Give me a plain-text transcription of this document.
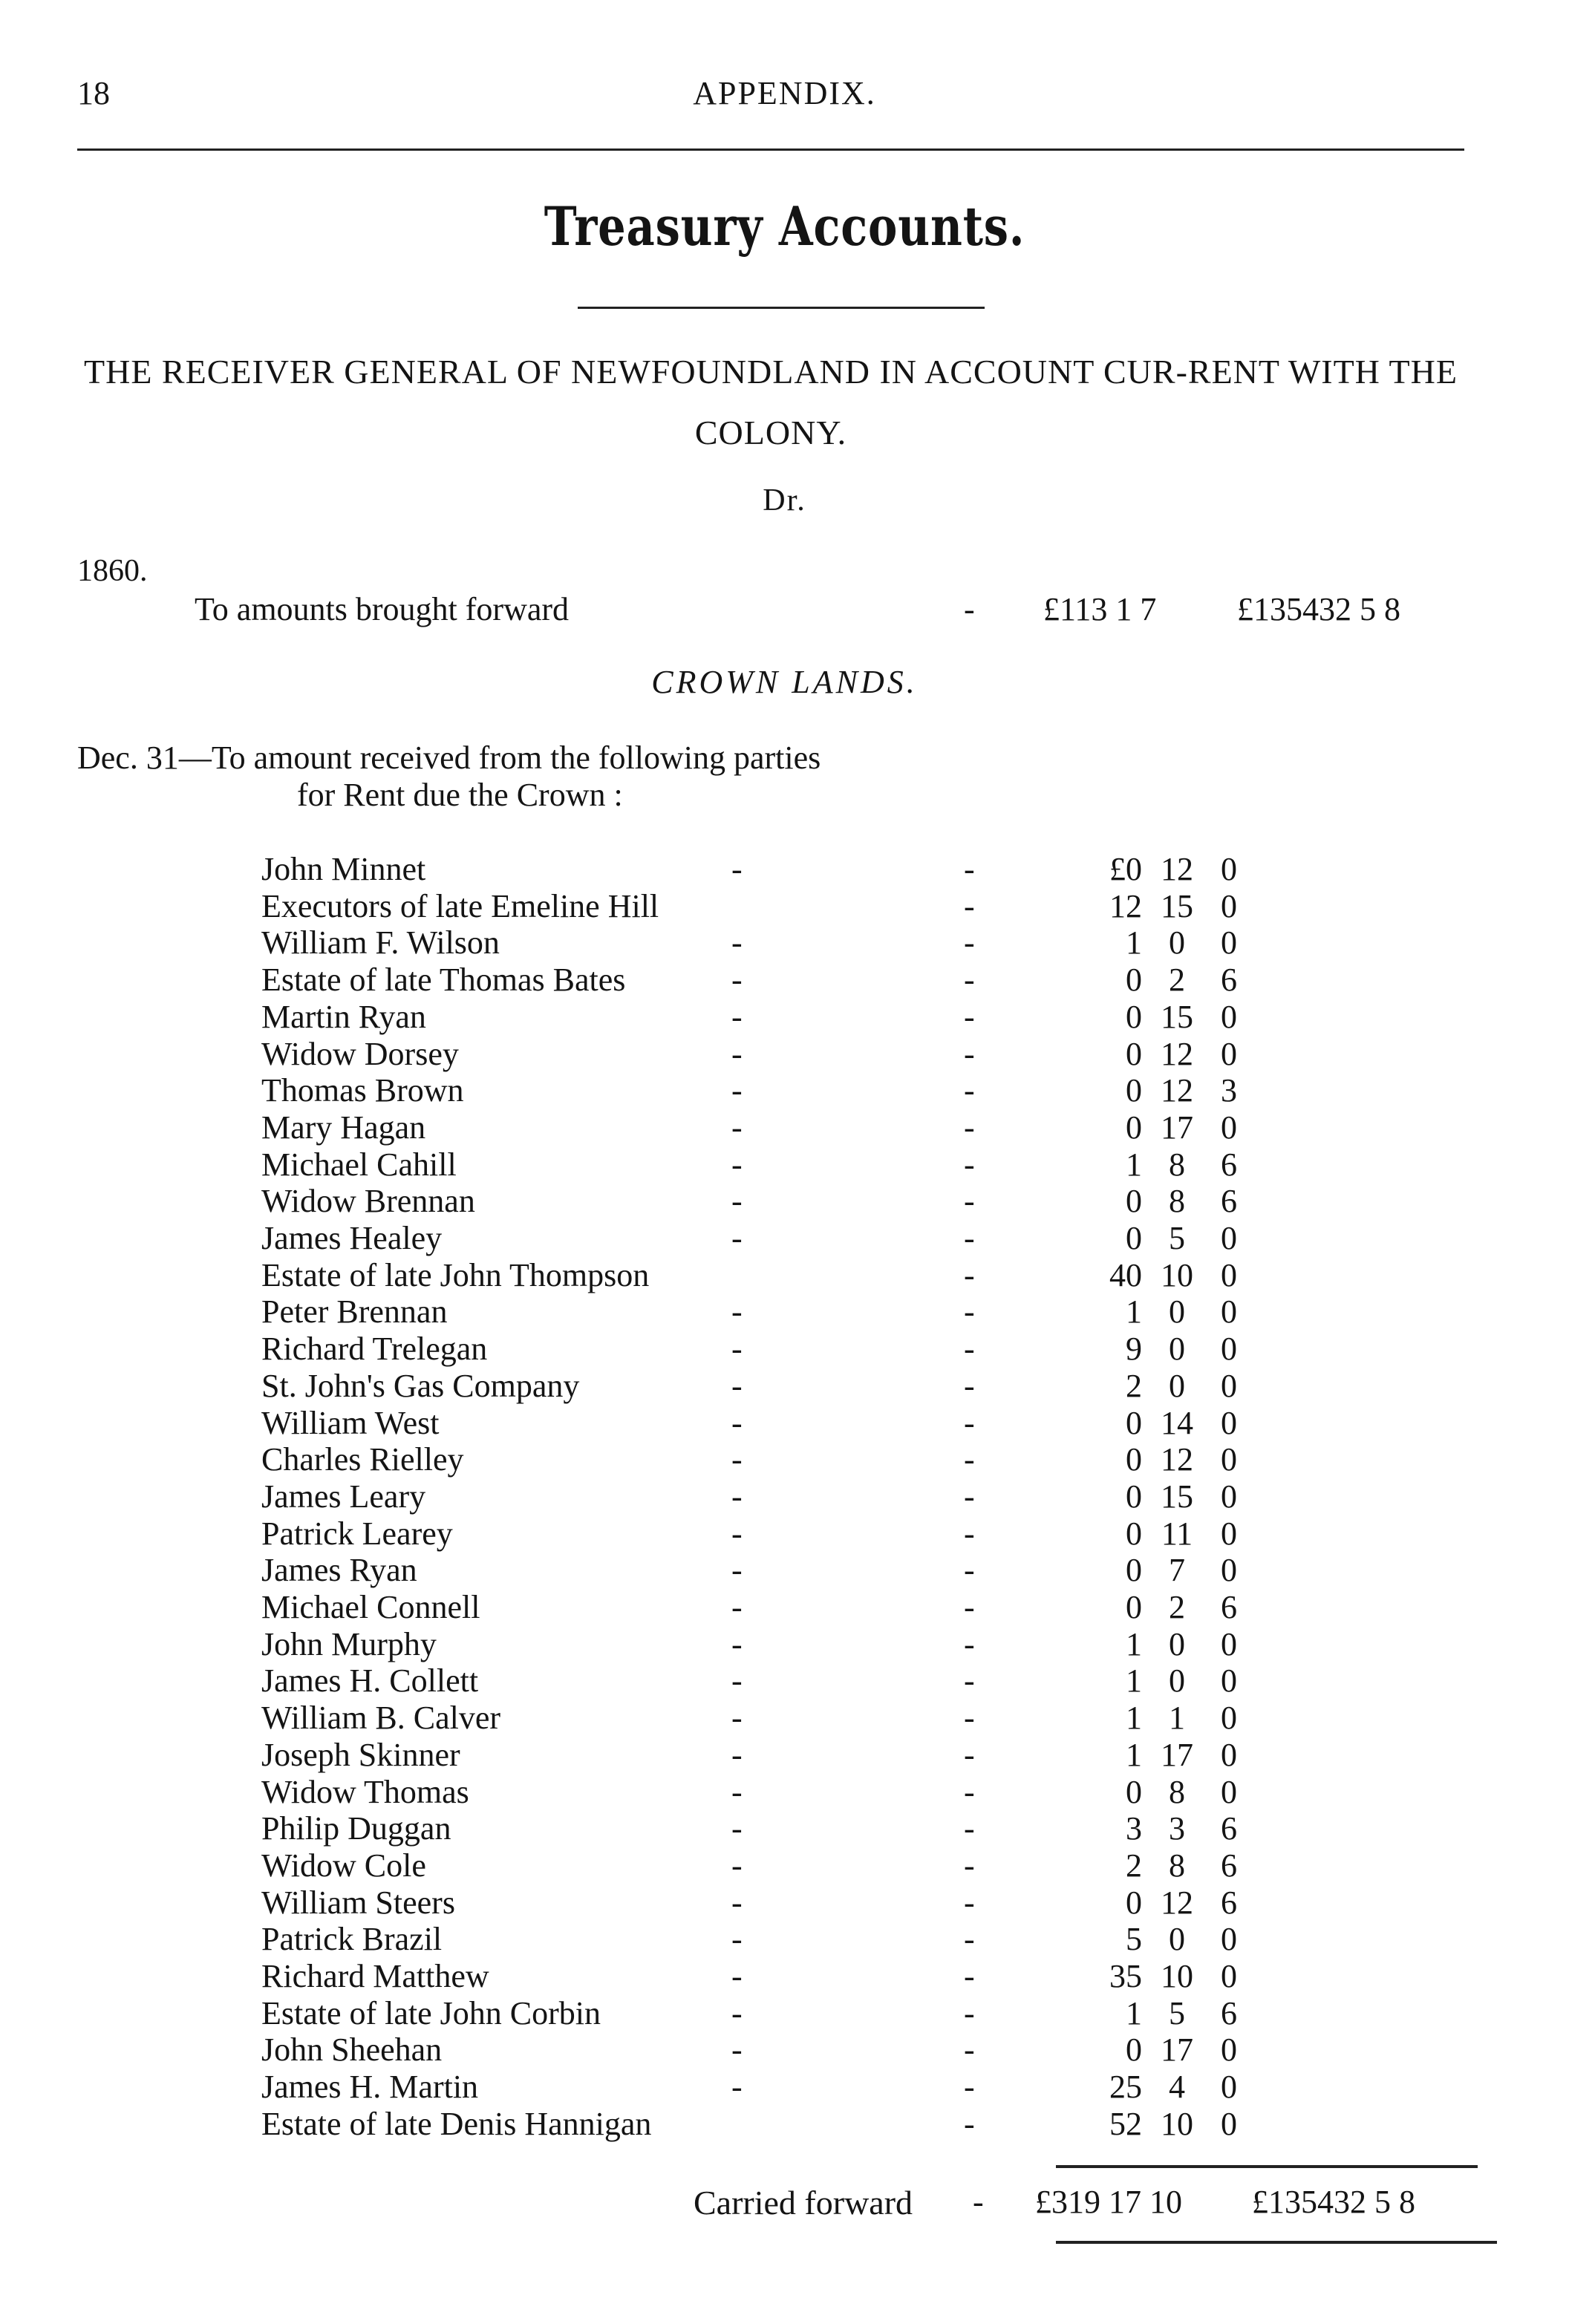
18	APPENDIX.
Treasury Accounts.
THE RECEIVER GENERAL OF NEWFOUNDLAND IN ACCOUNT CUR-RENT WITH THE COLONY.
Dr.
1860.
To amounts brought forward	- £113 1 7 £135432 5 8
CROWN LANDS.
Dec. 31—To amount received from the following parties
for Rent due the Crown :
John Minnet	-	-	£0 12 0
Executors of late Emeline Hill	-	12 15 0
William F. Wilson	-	-	1 0	0
Estate of late Thomas Bates	-	-	0 2	6
Martin Ryan	-	-	0 15 0
Widow Dorsey	-	-	0 12 0
Thomas Brown	-	-	0 12 3
Mary Hagan	-	-	0 17 0
Michael Cahill	-	-	1 8	6
Widow Brennan	-	-	0 8	6
James Healey	-	-	0 5	0
Estate of late John Thompson	-	40 10 0
Peter Brennan	-	-	1 0	0
Richard Trelegan	-	-	9 0	0
St. John's Gas Company	-	-	2 0	0
William West	-	-	0 14 0
Charles Rielley	-	-	0 12 0
James Leary	-	-	0 15 0
Patrick Learey	-	-	0 11 0
James Ryan	-	-	0 7	0
Michael Connell	-	-	0 2	6
John Murphy	-	-	1 0	0
James H. Collett	-	-	1 0	0
William B. Calver	-	-	1 1	0
Joseph Skinner	-	-	1 17 0
Widow Thomas	-	-	0 8	0
Philip Duggan	-	-	3 3	6
Widow Cole	-	-	2 8	6
William Steers	-	-	0 12 6
Patrick Brazil	-	-	5 0	0
Richard Matthew	-	-	35 10 0
Estate of late John Corbin	-	-	1 5	6
John Sheehan	-	-	0 17 0
James H. Martin	-	-	25 4	0
Estate of late Denis Hannigan	-	52 10 0
Carried forward - £319 17 10 £135432 5 8
